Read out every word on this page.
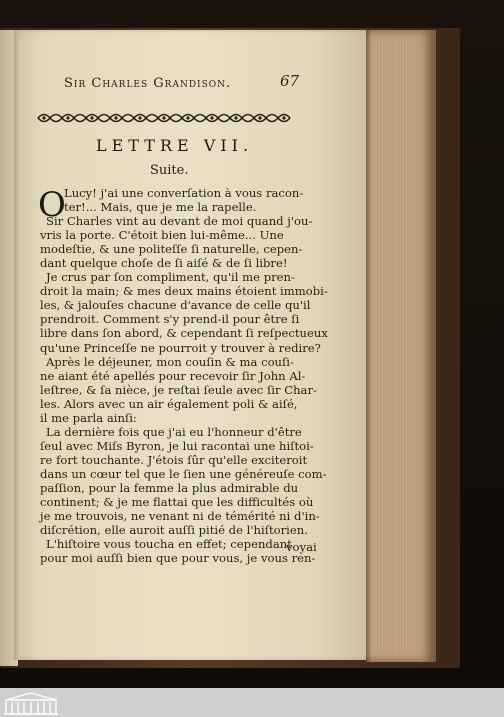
Sir Charles Grandison.	67
LETTRE VII.
Suite.
O
Lucy! j'ai une converſation à vous racon-
ter!... Mais, que je me la rapelle.
Sir Charles vint au devant de moi quand j'ou-
vris la porte. C'étoit bien lui-même... Une
modeſtie, & une politeſſe ſi naturelle, cepen-
dant quelque choſe de ſi aiſé & de ſi libre!
Je crus par ſon compliment, qu'il me pren-
droit la main; & mes deux mains étoient immobi-
les, & jalouſes chacune d'avance de celle qu'il
prendroit. Comment s'y prend-il pour être ſi
libre dans ſon abord, & cependant ſi reſpectueux
qu'une Princeſſe ne pourroit y trouver à redire?
Après le déjeuner, mon couſin & ma couſi-
ne aiant été apellés pour recevoir ſir John Al-
leſtree, & ſa nièce, je reſtai ſeule avec ſir Char-
les. Alors avec un air également poli & aiſé,
il me parla ainſi:
La dernière fois que j'ai eu l'honneur d'être
ſeul avec Miſs Byron, je lui racontai une hiſtoi-
re fort touchante. J'étois ſûr qu'elle exciteroit
dans un cœur tel que le ſien une généreuſe com-
paſſion, pour la femme la plus admirable du
continent; & je me flattai que les difficultés où
je me trouvois, ne venant ni de témérité ni d'in-
diſcrétion, elle auroit auſſi pitié de l'hiſtorien.
L'hiſtoire vous toucha en effet; cependant
pour moi auſſi bien que pour vous, je vous ren-
voyai
